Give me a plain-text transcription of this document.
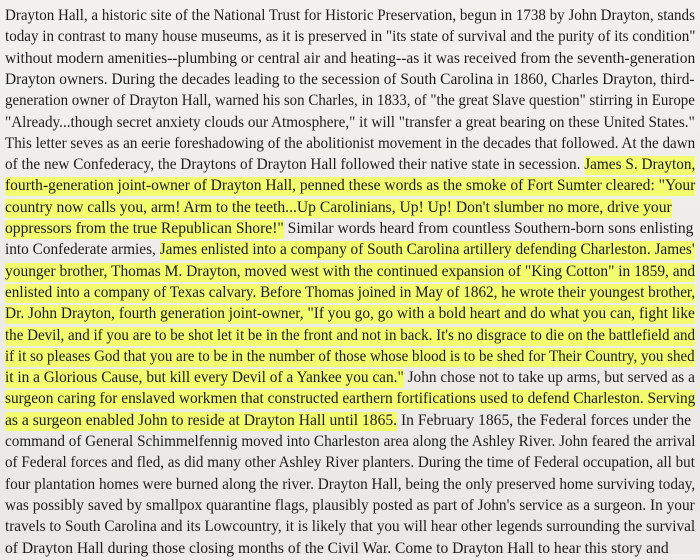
Drayton Hall, a historic site of the National Trust for Historic Preservation, begun in 1738 by John Drayton, stands
today in contrast to many house museums, as it is preserved in "its state of survival and the purity of its condition"
without modern amenities--plumbing or central air and heating--as it was received from the seventh-generation
Drayton owners. During the decades leading to the secession of South Carolina in 1860, Charles Drayton, third-
generation owner of Drayton Hall, warned his son Charles, in 1833, of "the great Slave question" stirring in Europe
"Already...though secret anxiety clouds our Atmosphere," it will "transfer a great bearing on these United States."
This letter seves as an eerie foreshadowing of the abolitionist movement in the decades that followed. At the dawn
of the new Confederacy, the Draytons of Drayton Hall followed their native state in secession. James S. Drayton,
fourth-generation joint-owner of Drayton Hall, penned these words as the smoke of Fort Sumter cleared: "Your
country now calls you, arm! Arm to the teeth...Up Carolinians, Up! Up! Don't slumber no more, drive your
oppressors from the true Republican Shore!" Similar words heard from countless Southern-born sons enlisting
into Confederate armies, James enlisted into a company of South Carolina artillery defending Charleston. James'
younger brother, Thomas M. Drayton, moved west with the continued expansion of "King Cotton" in 1859, and
enlisted into a company of Texas calvary. Before Thomas joined in May of 1862, he wrote their youngest brother,
Dr. John Drayton, fourth generation joint-owner, "If you go, go with a bold heart and do what you can, fight like
the Devil, and if you are to be shot let it be in the front and not in back. It's no disgrace to die on the battlefield and
if it so pleases God that you are to be in the number of those whose blood is to be shed for Their Country, you shed
it in a Glorious Cause, but kill every Devil of a Yankee you can." John chose not to take up arms, but served as a
surgeon caring for enslaved workmen that constructed earthern fortifications used to defend Charleston. Serving
as a surgeon enabled John to reside at Drayton Hall until 1865. In February 1865, the Federal forces under the
command of General Schimmelfennig moved into Charleston area along the Ashley River. John feared the arrival
of Federal forces and fled, as did many other Ashley River planters. During the time of Federal occupation, all but
four plantation homes were burned along the river. Drayton Hall, being the only preserved home surviving today,
was possibly saved by smallpox quarantine flags, plausibly posted as part of John's service as a surgeon. In your
travels to South Carolina and its Lowcountry, it is likely that you will hear other legends surrounding the survival
of Drayton Hall during those closing months of the Civil War. Come to Drayton Hall to hear this story and
